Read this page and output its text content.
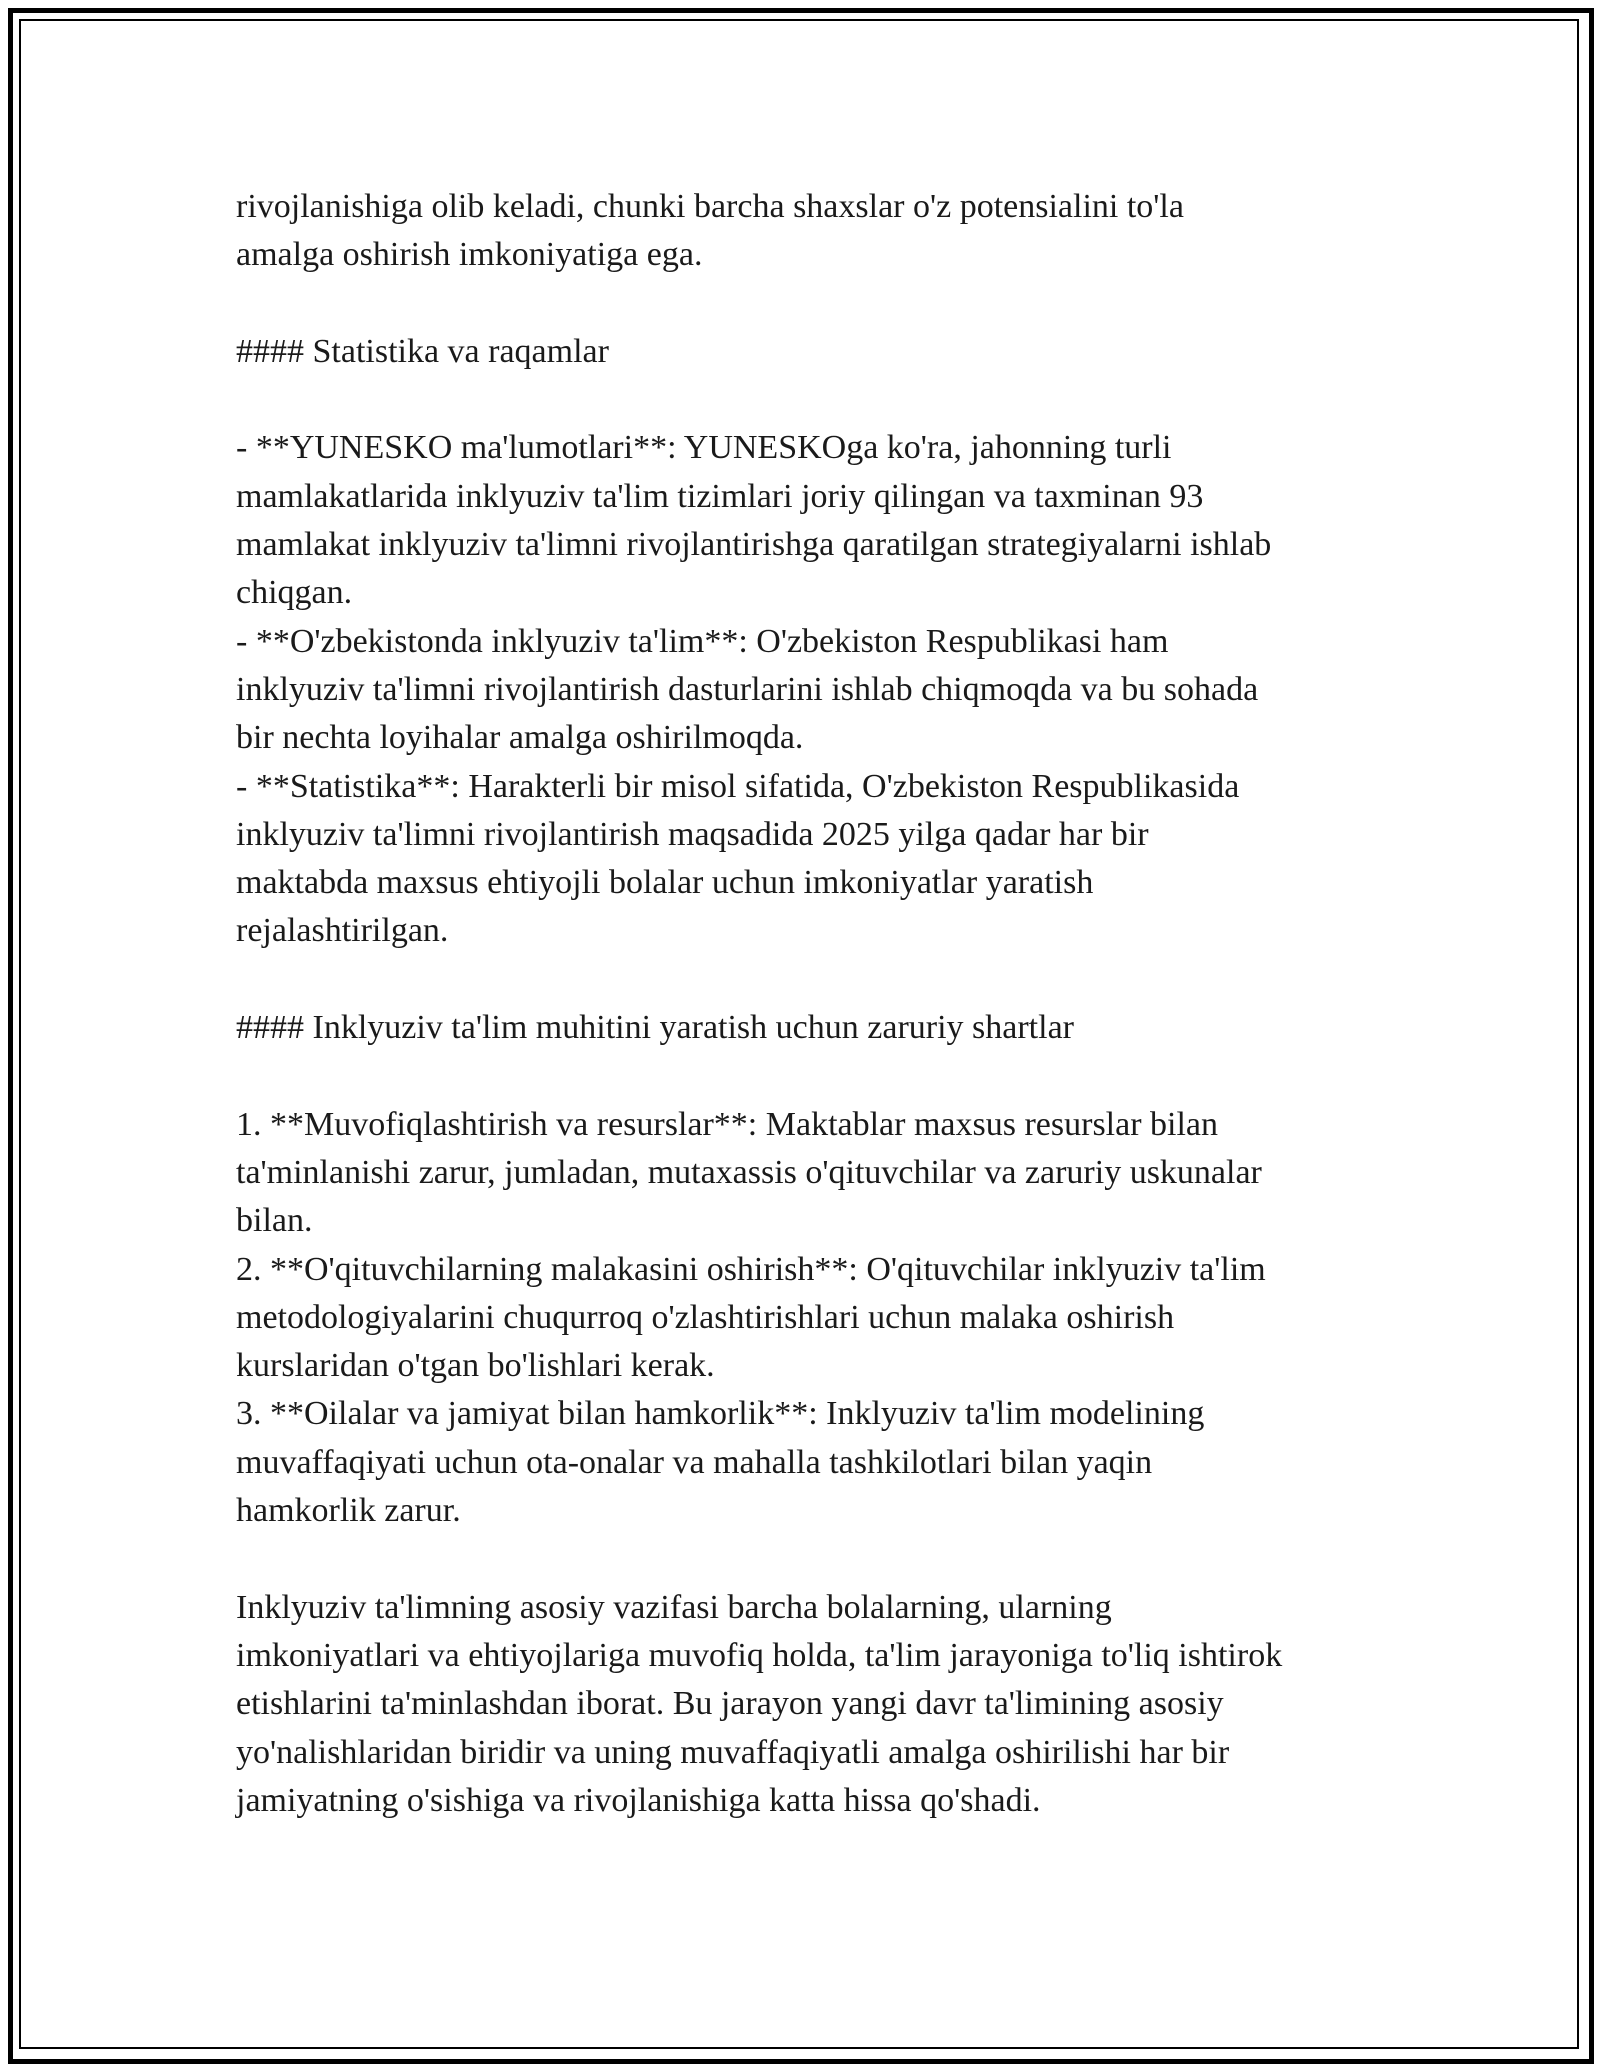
rivojlanishiga olib keladi, chunki barcha shaxslar o'z potensialini to'la
amalga oshirish imkoniyatiga ega.

#### Statistika va raqamlar

- **YUNESKO ma'lumotlari**: YUNESKOga ko'ra, jahonning turli
mamlakatlarida inklyuziv ta'lim tizimlari joriy qilingan va taxminan 93
mamlakat inklyuziv ta'limni rivojlantirishga qaratilgan strategiyalarni ishlab
chiqgan.

- **O'zbekistonda inklyuziv ta'lim**: O'zbekiston Respublikasi ham
inklyuziv ta'limni rivojlantirish dasturlarini ishlab chiqmoqda va bu sohada
bir nechta loyihalar amalga oshirilmoqda.

- **Statistika**: Harakterli bir misol sifatida, O'zbekiston Respublikasida
inklyuziv ta'limni rivojlantirish maqsadida 2025 yilga qadar har bir
maktabda maxsus ehtiyojli bolalar uchun imkoniyatlar yaratish
rejalashtirilgan.

#### Inklyuziv ta'lim muhitini yaratish uchun zaruriy shartlar

1. **Muvofiqlashtirish va resurslar**: Maktablar maxsus resurslar bilan
ta'minlanishi zarur, jumladan, mutaxassis o'qituvchilar va zaruriy uskunalar
bilan.

2. **O'qituvchilarning malakasini oshirish**: O'qituvchilar inklyuziv ta'lim
metodologiyalarini chuqurroq o'zlashtirishlari uchun malaka oshirish
kurslaridan o'tgan bo'lishlari kerak.

3. **Oilalar va jamiyat bilan hamkorlik**: Inklyuziv ta'lim modelining
muvaffaqiyati uchun ota-onalar va mahalla tashkilotlari bilan yaqin
hamkorlik zarur.

Inklyuziv ta'limning asosiy vazifasi barcha bolalarning, ularning
imkoniyatlari va ehtiyojlariga muvofiq holda, ta'lim jarayoniga to'liq ishtirok
etishlarini ta'minlashdan iborat. Bu jarayon yangi davr ta'limining asosiy
yo'nalishlaridan biridir va uning muvaffaqiyatli amalga oshirilishi har bir
jamiyatning o'sishiga va rivojlanishiga katta hissa qo'shadi.
